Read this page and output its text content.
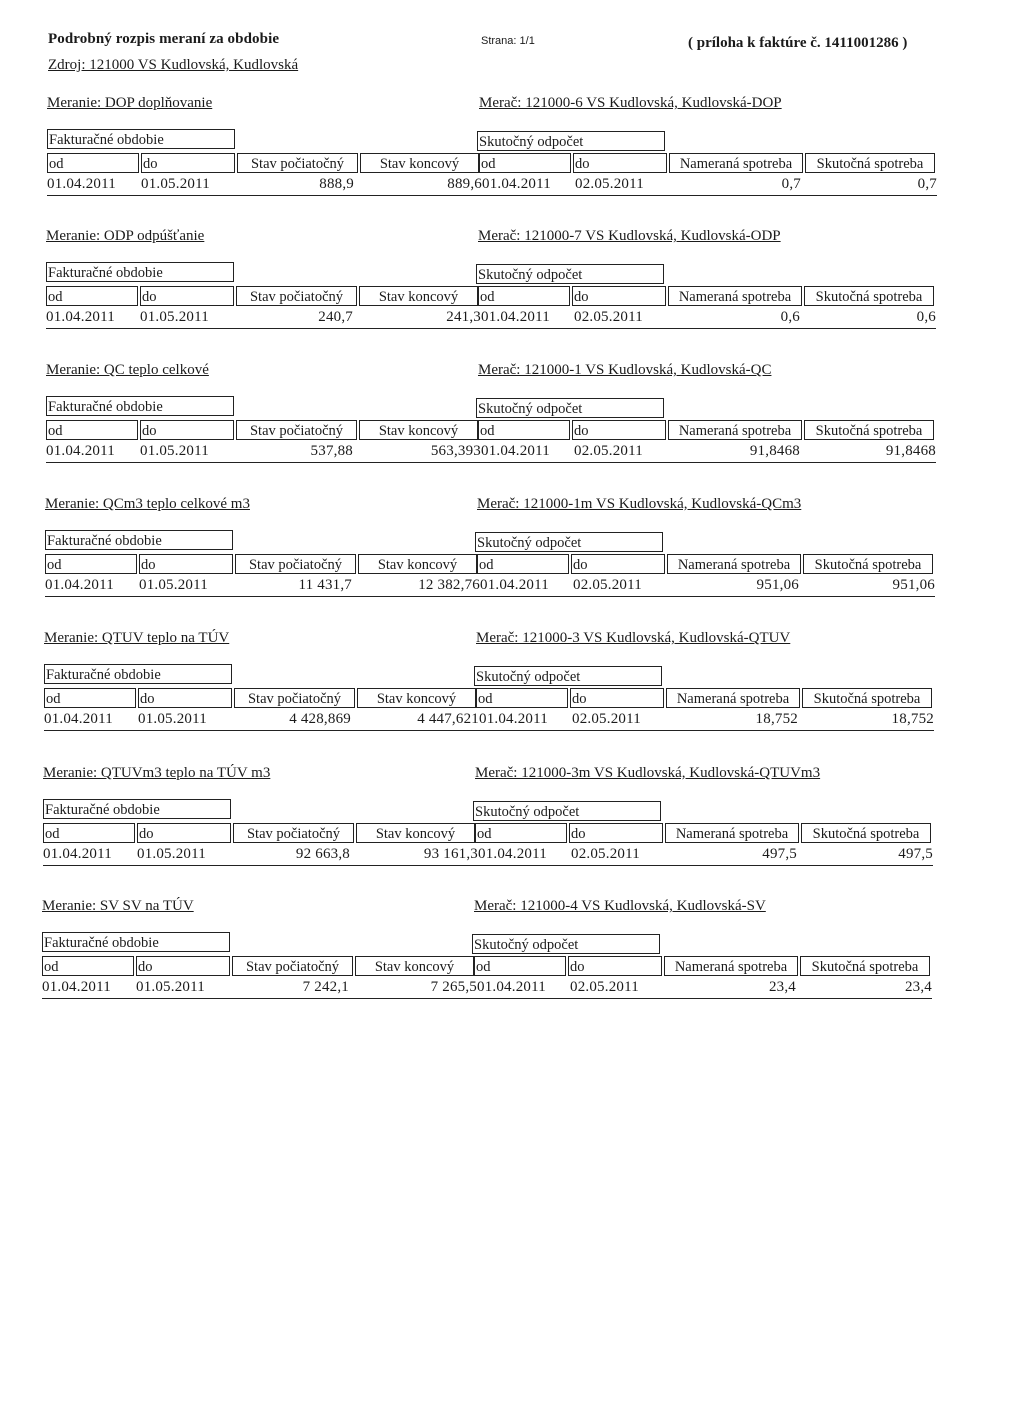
Podrobný rozpis meraní za obdobie	Strana: 1/1	( príloha k faktúre č. 1411001286 )
Zdroj: 121000 VS Kudlovská, Kudlovská
Meranie: DOP doplňovanie	Merač: 121000-6 VS Kudlovská, Kudlovská-DOP
Fakturačné obdobie	Skutočný odpočet
od	do	Stav počiatočný	Stav koncový	od	do	Nameraná spotreba	Skutočná spotreba
01.04.2011 01.05.2011	888,9	889,6 01.04.2011 02.05.2011	0,7	0,7
Meranie: ODP odpúšťanie	Merač: 121000-7 VS Kudlovská, Kudlovská-ODP
Fakturačné obdobie	Skutočný odpočet
od	do	Stav počiatočný	Stav koncový	od	do	Nameraná spotreba	Skutočná spotreba
01.04.2011 01.05.2011	240,7	241,3 01.04.2011 02.05.2011	0,6	0,6
Meranie: QC teplo celkové	Merač: 121000-1 VS Kudlovská, Kudlovská-QC
Fakturačné obdobie	Skutočný odpočet
od	do	Stav počiatočný	Stav koncový	od	do	Nameraná spotreba	Skutočná spotreba
01.04.2011 01.05.2011	537,88	563,393 01.04.2011 02.05.2011	91,8468	91,8468
Meranie: QCm3 teplo celkové m3	Merač: 121000-1m VS Kudlovská, Kudlovská-QCm3
Fakturačné obdobie	Skutočný odpočet
od	do	Stav počiatočný	Stav koncový	od	do	Nameraná spotreba	Skutočná spotreba
01.04.2011 01.05.2011	11 431,7	12 382,76 01.04.2011 02.05.2011	951,06	951,06
Meranie: QTUV teplo na TÚV	Merač: 121000-3 VS Kudlovská, Kudlovská-QTUV
Fakturačné obdobie	Skutočný odpočet
od	do	Stav počiatočný	Stav koncový	od	do	Nameraná spotreba	Skutočná spotreba
01.04.2011 01.05.2011	4 428,869	4 447,621 01.04.2011 02.05.2011	18,752	18,752
Meranie: QTUVm3 teplo na TÚV m3	Merač: 121000-3m VS Kudlovská, Kudlovská-QTUVm3
Fakturačné obdobie	Skutočný odpočet
od	do	Stav počiatočný	Stav koncový	od	do	Nameraná spotreba	Skutočná spotreba
01.04.2011 01.05.2011	92 663,8	93 161,3 01.04.2011 02.05.2011	497,5	497,5
Meranie: SV SV na TÚV	Merač: 121000-4 VS Kudlovská, Kudlovská-SV
Fakturačné obdobie	Skutočný odpočet
od	do	Stav počiatočný	Stav koncový	od	do	Nameraná spotreba	Skutočná spotreba
01.04.2011 01.05.2011	7 242,1	7 265,5 01.04.2011 02.05.2011	23,4	23,4
